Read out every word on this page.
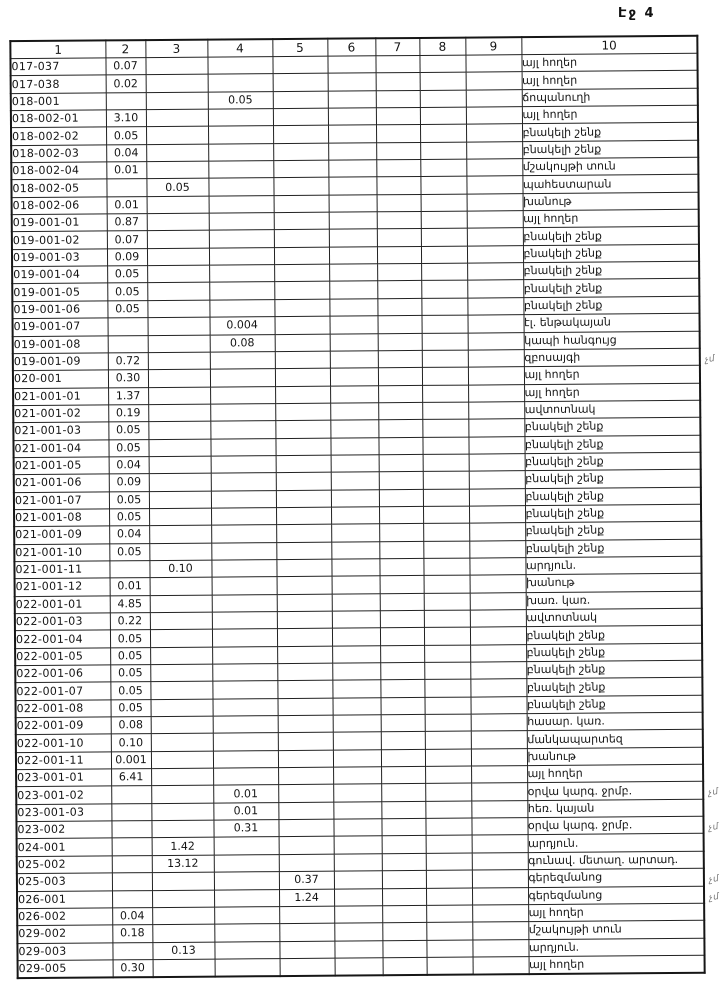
Էջ 4
1	2	3	4	5	6	7	8	9	10
017-037	0.07								այլ հողեր
017-038	0.02								այլ հողեր
018-001			0.05						ճոպանուղի
018-002-01	3.10								այլ հողեր
018-002-02	0.05								բնակելի շենք
018-002-03	0.04								բնակելի շենք
018-002-04	0.01								մշակույթի տուն
018-002-05		0.05							պահեստարան
018-002-06	0.01								խանութ
019-001-01	0.87								այլ հողեր
019-001-02	0.07								բնակելի շենք
019-001-03	0.09								բնակելի շենք
019-001-04	0.05								բնակելի շենք
019-001-05	0.05								բնակելի շենք
019-001-06	0.05								բնակելի շենք
019-001-07			0.004						էլ. ենթակայան
019-001-08			0.08						կապի հանգույց
019-001-09	0.72								զբոսայգի չմ

020-001	0.30								այլ հողեր
021-001-01	1.37								այլ հողեր
021-001-02	0.19								ավտոտնակ
021-001-03	0.05								բնակելի շենք
021-001-04	0.05								բնակելի շենք
021-001-05	0.04								բնակելի շենք
021-001-06	0.09								բնակելի շենք
021-001-07	0.05								բնակելի շենք
021-001-08	0.05								բնակելի շենք
021-001-09	0.04								բնակելի շենք
021-001-10	0.05								բնակելի շենք
021-001-11		0.10							արդյուն.
021-001-12	0.01								խանութ
022-001-01	4.85								խառ. կառ.
022-001-03	0.22								ավտոտնակ
022-001-04	0.05								բնակելի շենք
022-001-05	0.05								բնակելի շենք
022-001-06	0.05								բնակելի շենք
022-001-07	0.05								բնակելի շենք
022-001-08	0.05								բնակելի շենք
022-001-09	0.08								հասար. կառ.
022-001-10	0.10								մանկապարտեզ
022-001-11	0.001								խանութ
023-001-01	6.41								այլ հողեր
023-001-02			0.01						օրվա կարգ. ջրմբ. չմ

023-001-03			0.01						հեռ. կայան
023-002			0.31						օրվա կարգ. ջրմբ. չմ

024-001		1.42							արդյուն.
025-002		13.12							գունավ. մետաղ. արտադ.
025-003				0.37					գերեզմանոց չմ

026-001				1.24					գերեզմանոց չմ

026-002	0.04								այլ հողեր
029-002	0.18								մշակույթի տուն
029-003		0.13							արդյուն.
029-005	0.30								այլ հողեր
